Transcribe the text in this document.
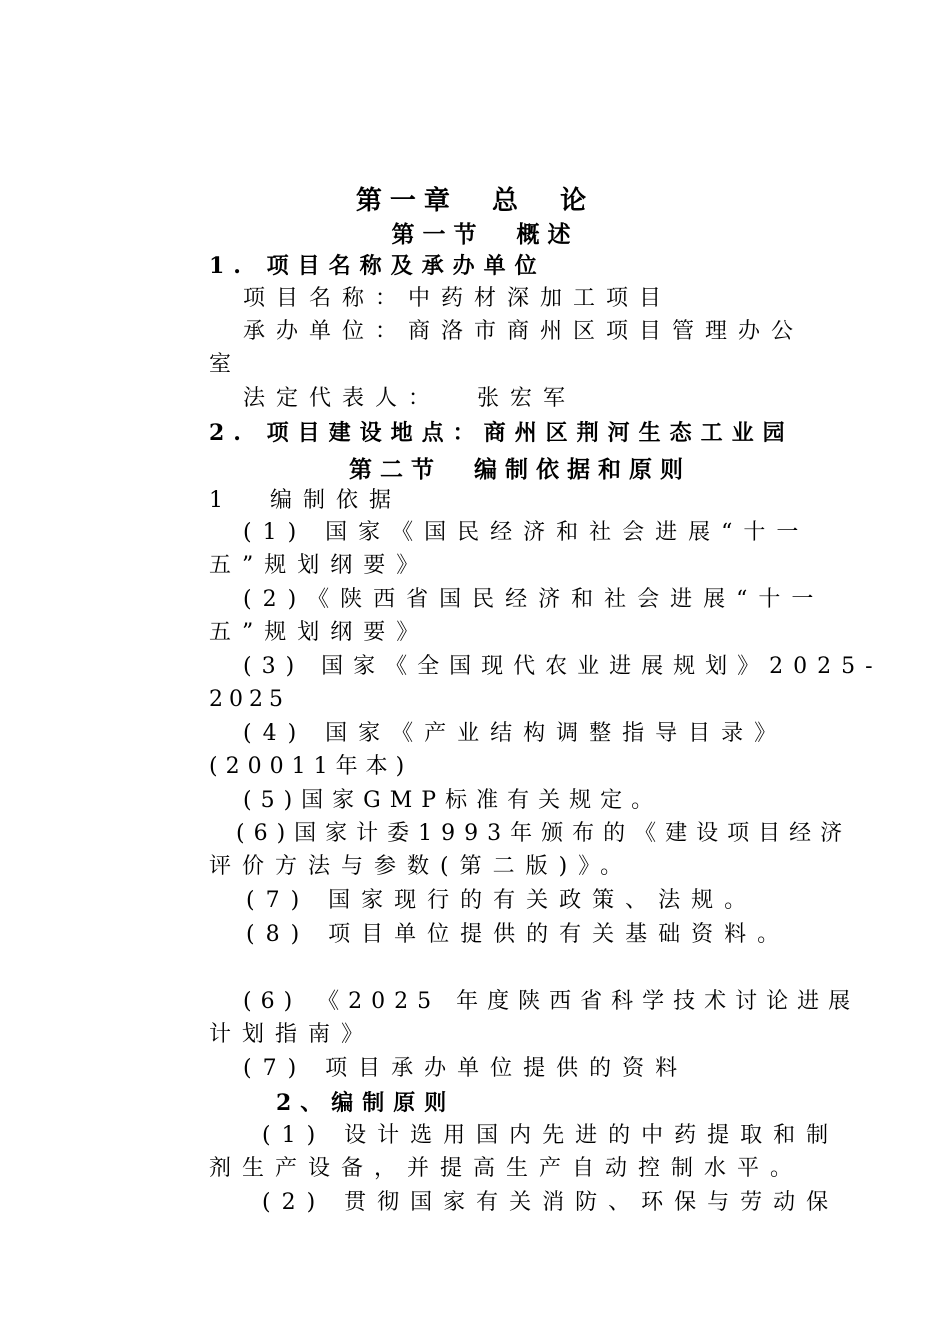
第一章  总  论
第一节  概述
1. 项目名称及承办单位
项目名称：中药材深加工项目
承办单位：商洛市商州区项目管理办公
室
法定代表人：  张宏军
2. 项目建设地点：商州区荆河生态工业园
第二节  编制依据和原则
1  编制依据
(1) 国家《国民经济和社会进展“十一
五”规划纲要》
(2)《陕西省国民经济和社会进展“十一
五”规划纲要》
(3) 国家《全国现代农业进展规划》2025-
2025
(4) 国家《产业结构调整指导目录》
(20011年本)
(5)国家GMP标准有关规定。
(6)国家计委1993年颁布的《建设项目经济
评价方法与参数(第二版)》。
(7) 国家现行的有关政策、法规。
(8) 项目单位提供的有关基础资料。
(6) 《2025 年度陕西省科学技术讨论进展
计划指南》
(7) 项目承办单位提供的资料
2、编制原则
(1) 设计选用国内先进的中药提取和制
剂生产设备，并提高生产自动控制水平。
(2) 贯彻国家有关消防、环保与劳动保
